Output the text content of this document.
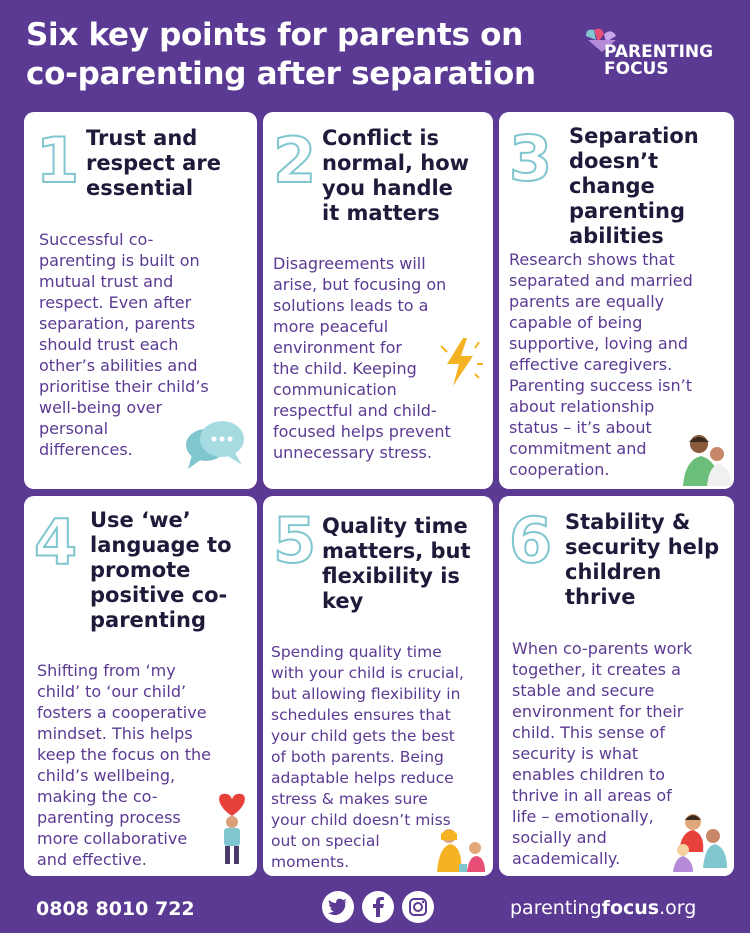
Six key points for parents on
co-parenting after separation
PARENTING
FOCUS
1 Trust and
respect are
essential
Successful co-
parenting is built on
mutual trust and
respect. Even after
separation, parents
should trust each
other’s abilities and
prioritise their child’s
well-being over
personal
differences.
2 Conflict is
normal, how
you handle
it matters
Disagreements will
arise, but focusing on
solutions leads to a
more peaceful
environment for
the child. Keeping
communication
respectful and child-
focused helps prevent
unnecessary stress.
3 Separation
doesn’t
change
parenting
abilities
Research shows that
separated and married
parents are equally
capable of being
supportive, loving and
effective caregivers.
Parenting success isn’t
about relationship
status – it’s about
commitment and
cooperation.
4 Use ‘we’
language to
promote
positive co-
parenting
Shifting from ‘my
child’ to ‘our child’
fosters a cooperative
mindset. This helps
keep the focus on the
child’s wellbeing,
making the co-
parenting process
more collaborative
and effective.
5 Quality time
matters, but
flexibility is
key
Spending quality time
with your child is crucial,
but allowing flexibility in
schedules ensures that
your child gets the best
of both parents. Being
adaptable helps reduce
stress & makes sure
your child doesn’t miss
out on special
moments.
6 Stability &
security help
children
thrive
When co-parents work
together, it creates a
stable and secure
environment for their
child. This sense of
security is what
enables children to
thrive in all areas of
life – emotionally,
socially and
academically.
0808 8010 722	parentingfocus.org
